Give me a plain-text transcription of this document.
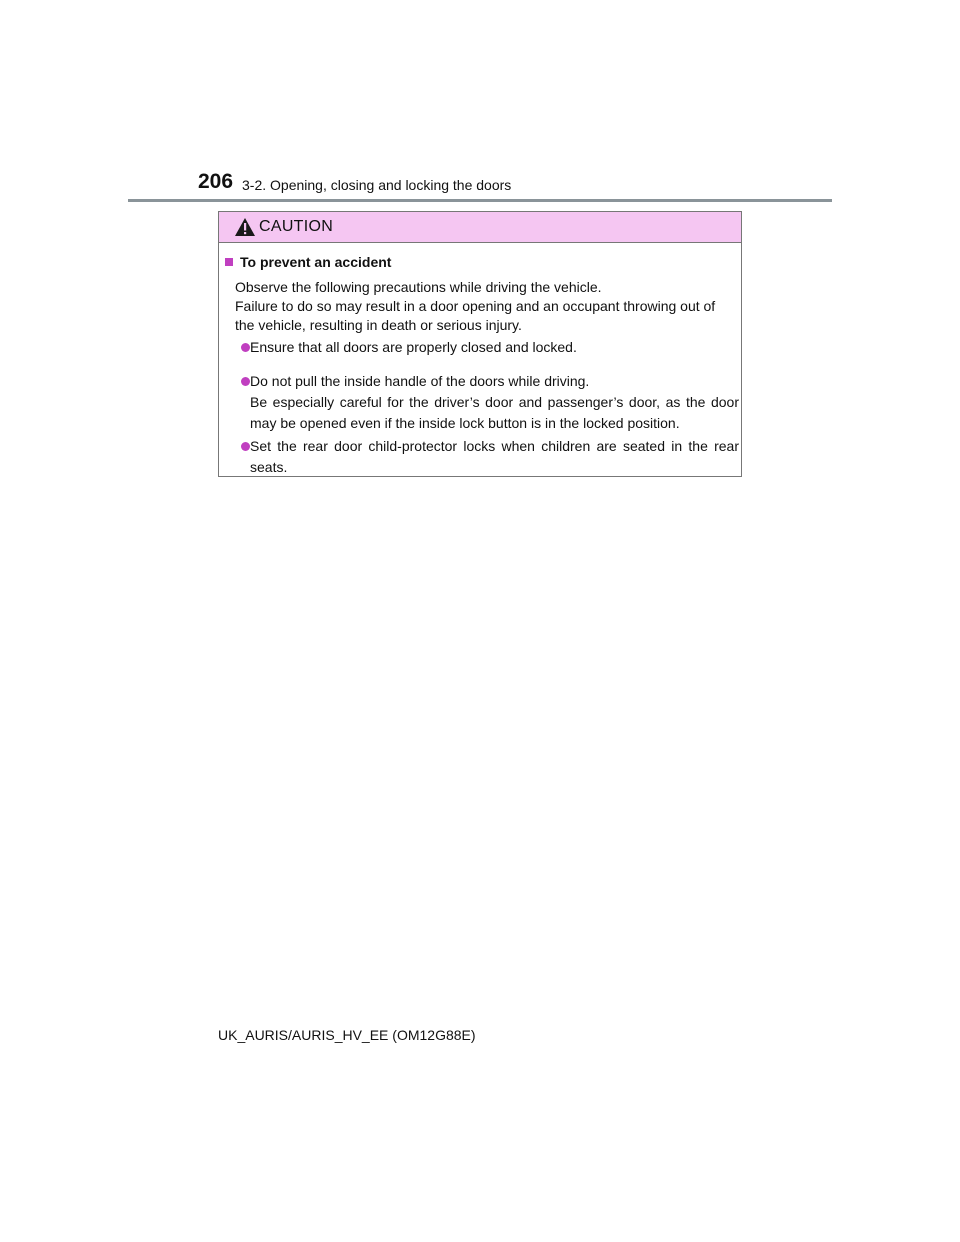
206 3-2. Opening, closing and locking the doors
CAUTION
To prevent an accident
Observe the following precautions while driving the vehicle.
Failure to do so may result in a door opening and an occupant throwing out of the vehicle, resulting in death or serious injury.
Ensure that all doors are properly closed and locked.
Do not pull the inside handle of the doors while driving.
Be especially careful for the driver’s door and passenger’s door, as the door may be opened even if the inside lock button is in the locked position.
Set the rear door child-protector locks when children are seated in the rear seats.
UK_AURIS/AURIS_HV_EE (OM12G88E)
